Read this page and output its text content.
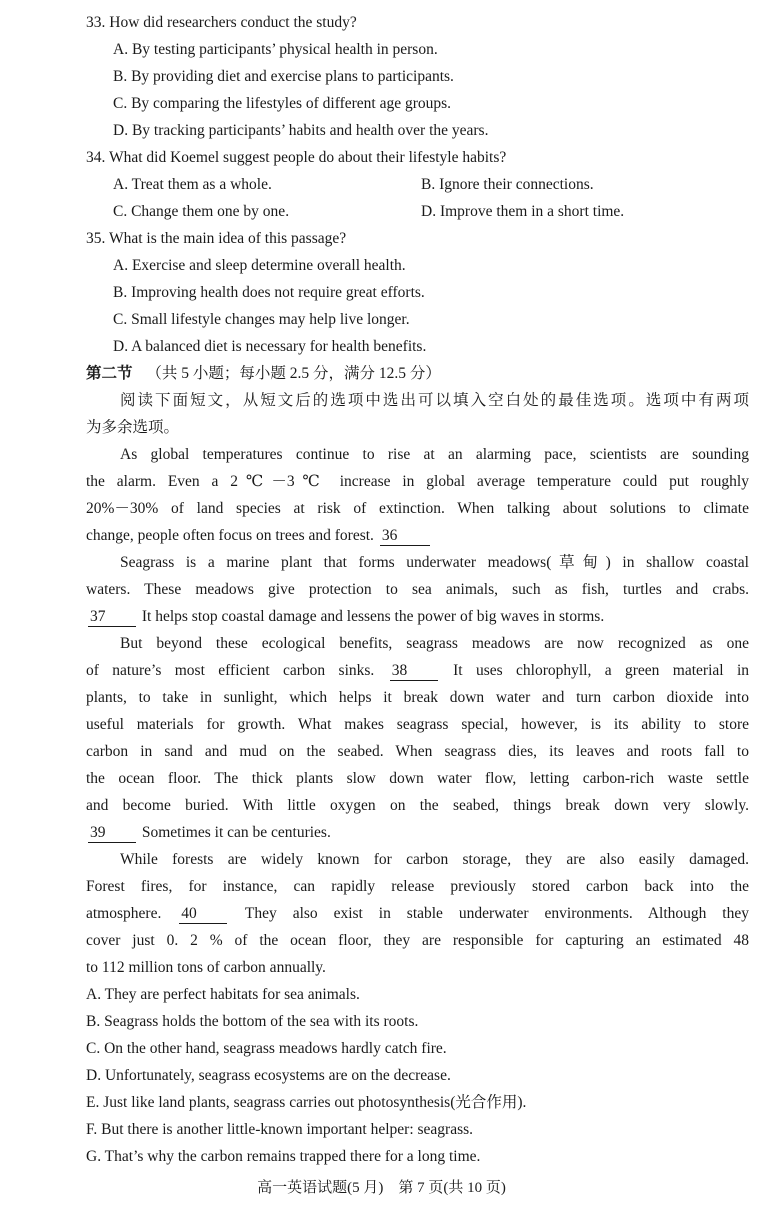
33. How did researchers conduct the study?
A. By testing participants’ physical health in person.
B. By providing diet and exercise plans to participants.
C. By comparing the lifestyles of different age groups.
D. By tracking participants’ habits and health over the years.
34. What did Koemel suggest people do about their lifestyle habits?
A. Treat them as a whole.	B. Ignore their connections.
C. Change them one by one.	D. Improve them in a short time.
35. What is the main idea of this passage?
A. Exercise and sleep determine overall health.
B. Improving health does not require great efforts.
C. Small lifestyle changes may help live longer.
D. A balanced diet is necessary for health benefits.
第二节 （共 5 小题；每小题 2.5 分，满分 12.5 分）
阅读下面短文，从短文后的选项中选出可以填入空白处的最佳选项。选项中有两项
为多余选项。
As global temperatures continue to rise at an alarming pace, scientists are sounding
the alarm. Even a 2℃－3℃ increase in global average temperature could put roughly
20%－30% of land species at risk of extinction. When talking about solutions to climate
change, people often focus on trees and forest. 36
Seagrass is a marine plant that forms underwater meadows(草甸) in shallow coastal
waters. These meadows give protection to sea animals, such as fish, turtles and crabs.
37 It helps stop coastal damage and lessens the power of big waves in storms.
But beyond these ecological benefits, seagrass meadows are now recognized as one
of nature’s most efficient carbon sinks. 38	It uses chlorophyll, a green material in
plants, to take in sunlight, which helps it break down water and turn carbon dioxide into
useful materials for growth. What makes seagrass special, however, is its ability to store
carbon in sand and mud on the seabed. When seagrass dies, its leaves and roots fall to
the ocean floor. The thick plants slow down water flow, letting carbon-rich waste settle
and become buried. With little oxygen on the seabed, things break down very slowly.
39 Sometimes it can be centuries.
While forests are widely known for carbon storage, they are also easily damaged.
Forest fires, for instance, can rapidly release previously stored carbon back into the
atmosphere. 40	They also exist in stable underwater environments. Although they
cover just 0. 2 % of the ocean floor, they are responsible for capturing an estimated 48
to 112 million tons of carbon annually.
A. They are perfect habitats for sea animals.
B. Seagrass holds the bottom of the sea with its roots.
C. On the other hand, seagrass meadows hardly catch fire.
D. Unfortunately, seagrass ecosystems are on the decrease.
E. Just like land plants, seagrass carries out photosynthesis(光合作用).
F. But there is another little-known important helper: seagrass.
G. That’s why the carbon remains trapped there for a long time.
高一英语试题(5 月)　第 7 页(共 10 页)
